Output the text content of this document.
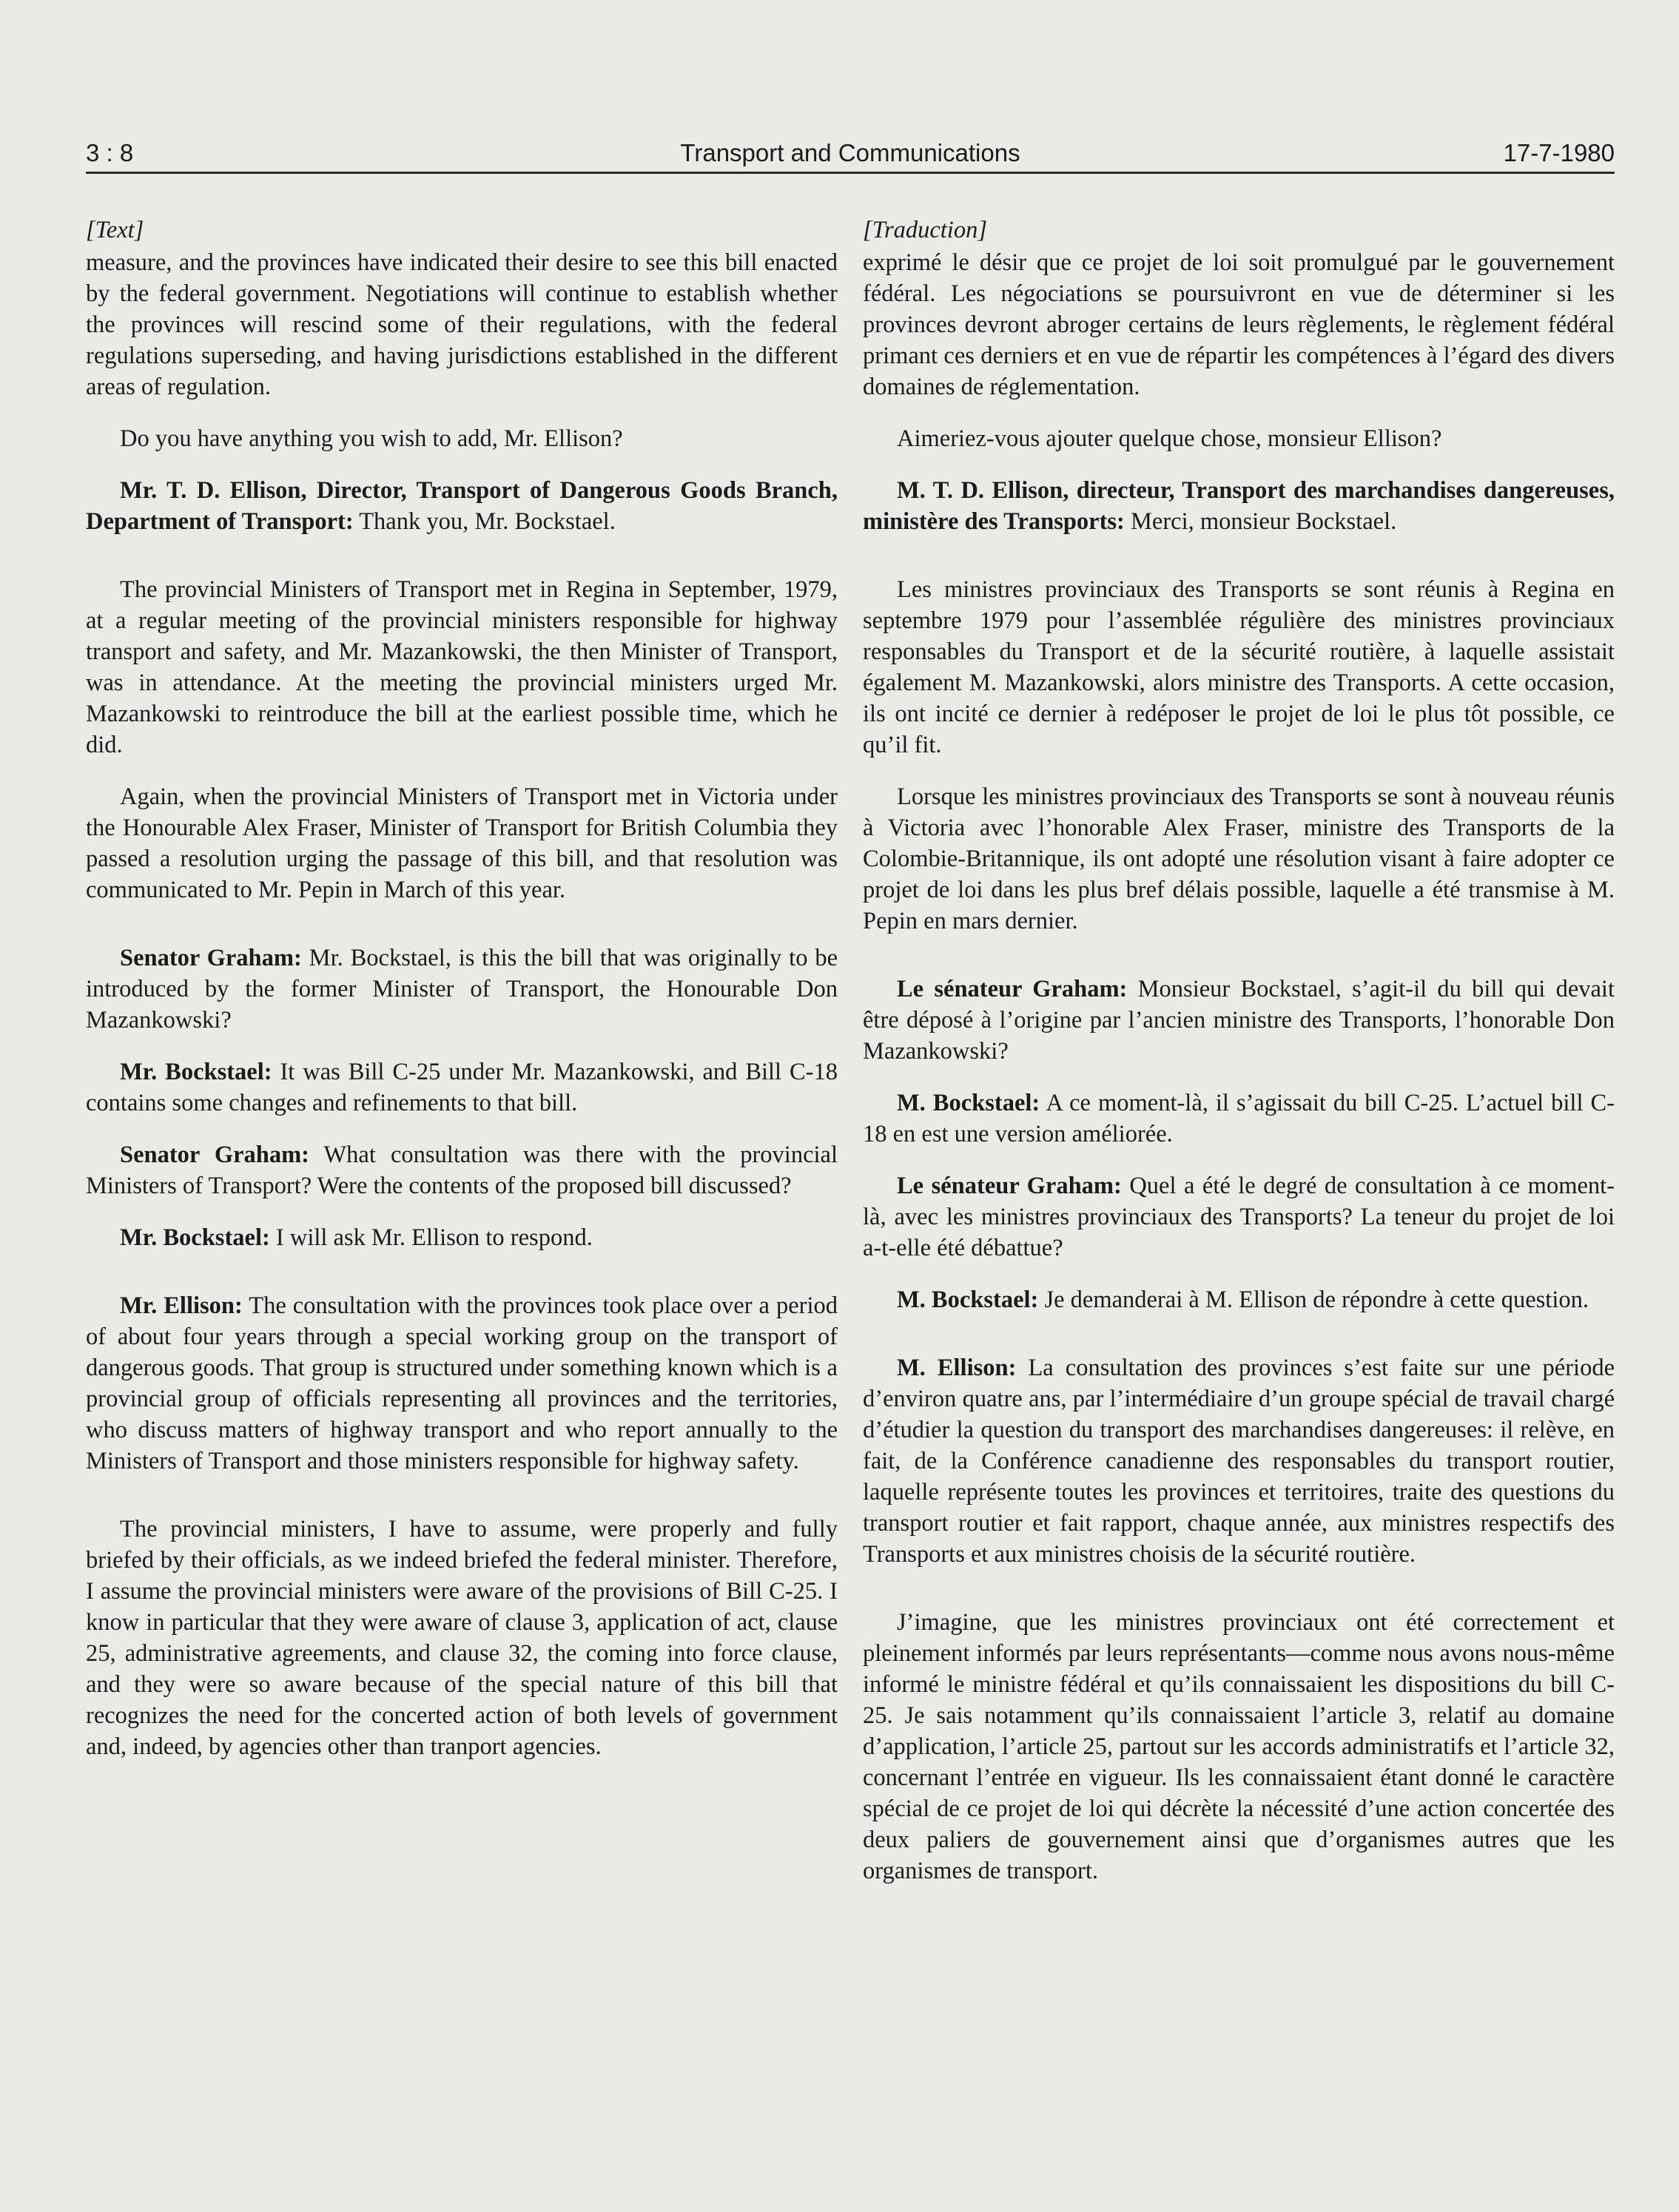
3 : 8	Transport and Communications	17-7-1980
[Text]

measure, and the provinces have indicated their desire to see this bill enacted by the federal government. Negotiations will continue to establish whether the provinces will rescind some of their regulations, with the federal regulations superseding, and having jurisdictions established in the different areas of regulation.

Do you have anything you wish to add, Mr. Ellison?

Mr. T. D. Ellison, Director, Transport of Dangerous Goods Branch, Department of Transport: Thank you, Mr. Bockstael.

The provincial Ministers of Transport met in Regina in September, 1979, at a regular meeting of the provincial ministers responsible for highway transport and safety, and Mr. Mazankowski, the then Minister of Transport, was in attendance. At the meeting the provincial ministers urged Mr. Mazankowski to reintroduce the bill at the earliest possible time, which he did.

Again, when the provincial Ministers of Transport met in Victoria under the Honourable Alex Fraser, Minister of Transport for British Columbia they passed a resolution urging the passage of this bill, and that resolution was communicated to Mr. Pepin in March of this year.

Senator Graham: Mr. Bockstael, is this the bill that was originally to be introduced by the former Minister of Transport, the Honourable Don Mazankowski?

Mr. Bockstael: It was Bill C-25 under Mr. Mazankowski, and Bill C-18 contains some changes and refinements to that bill.

Senator Graham: What consultation was there with the provincial Ministers of Transport? Were the contents of the proposed bill discussed?

Mr. Bockstael: I will ask Mr. Ellison to respond.

Mr. Ellison: The consultation with the provinces took place over a period of about four years through a special working group on the transport of dangerous goods. That group is structured under something known which is a provincial group of officials representing all provinces and the territories, who discuss matters of highway transport and who report annually to the Ministers of Transport and those ministers responsible for highway safety.

The provincial ministers, I have to assume, were properly and fully briefed by their officials, as we indeed briefed the federal minister. Therefore, I assume the provincial ministers were aware of the provisions of Bill C-25. I know in particular that they were aware of clause 3, application of act, clause 25, administrative agreements, and clause 32, the coming into force clause, and they were so aware because of the special nature of this bill that recognizes the need for the concerted action of both levels of government and, indeed, by agencies other than tranport agencies.

[Traduction]

exprimé le désir que ce projet de loi soit promulgué par le gouvernement fédéral. Les négociations se poursuivront en vue de déterminer si les provinces devront abroger certains de leurs règlements, le règlement fédéral primant ces derniers et en vue de répartir les compétences à l’égard des divers domaines de réglementation.

Aimeriez-vous ajouter quelque chose, monsieur Ellison?

M. T. D. Ellison, directeur, Transport des marchandises dangereuses, ministère des Transports: Merci, monsieur Bockstael.

Les ministres provinciaux des Transports se sont réunis à Regina en septembre 1979 pour l’assemblée régulière des ministres provinciaux responsables du Transport et de la sécurité routière, à laquelle assistait également M. Mazankowski, alors ministre des Transports. A cette occasion, ils ont incité ce dernier à redéposer le projet de loi le plus tôt possible, ce qu’il fit.

Lorsque les ministres provinciaux des Transports se sont à nouveau réunis à Victoria avec l’honorable Alex Fraser, ministre des Transports de la Colombie-Britannique, ils ont adopté une résolution visant à faire adopter ce projet de loi dans les plus bref délais possible, laquelle a été transmise à M. Pepin en mars dernier.

Le sénateur Graham: Monsieur Bockstael, s’agit-il du bill qui devait être déposé à l’origine par l’ancien ministre des Transports, l’honorable Don Mazankowski?

M. Bockstael: A ce moment-là, il s’agissait du bill C-25. L’actuel bill C-18 en est une version améliorée.

Le sénateur Graham: Quel a été le degré de consultation à ce moment-là, avec les ministres provinciaux des Transports? La teneur du projet de loi a-t-elle été débattue?

M. Bockstael: Je demanderai à M. Ellison de répondre à cette question.

M. Ellison: La consultation des provinces s’est faite sur une période d’environ quatre ans, par l’intermédiaire d’un groupe spécial de travail chargé d’étudier la question du transport des marchandises dangereuses: il relève, en fait, de la Conférence canadienne des responsables du transport routier, laquelle représente toutes les provinces et territoires, traite des questions du transport routier et fait rapport, chaque année, aux ministres respectifs des Transports et aux ministres choisis de la sécurité routière.

J’imagine, que les ministres provinciaux ont été correctement et pleinement informés par leurs représentants—comme nous avons nous-même informé le ministre fédéral et qu’ils connaissaient les dispositions du bill C-25. Je sais notamment qu’ils connaissaient l’article 3, relatif au domaine d’application, l’article 25, partout sur les accords administratifs et l’article 32, concernant l’entrée en vigueur. Ils les connaissaient étant donné le caractère spécial de ce projet de loi qui décrète la nécessité d’une action concertée des deux paliers de gouvernement ainsi que d’organismes autres que les organismes de transport.
